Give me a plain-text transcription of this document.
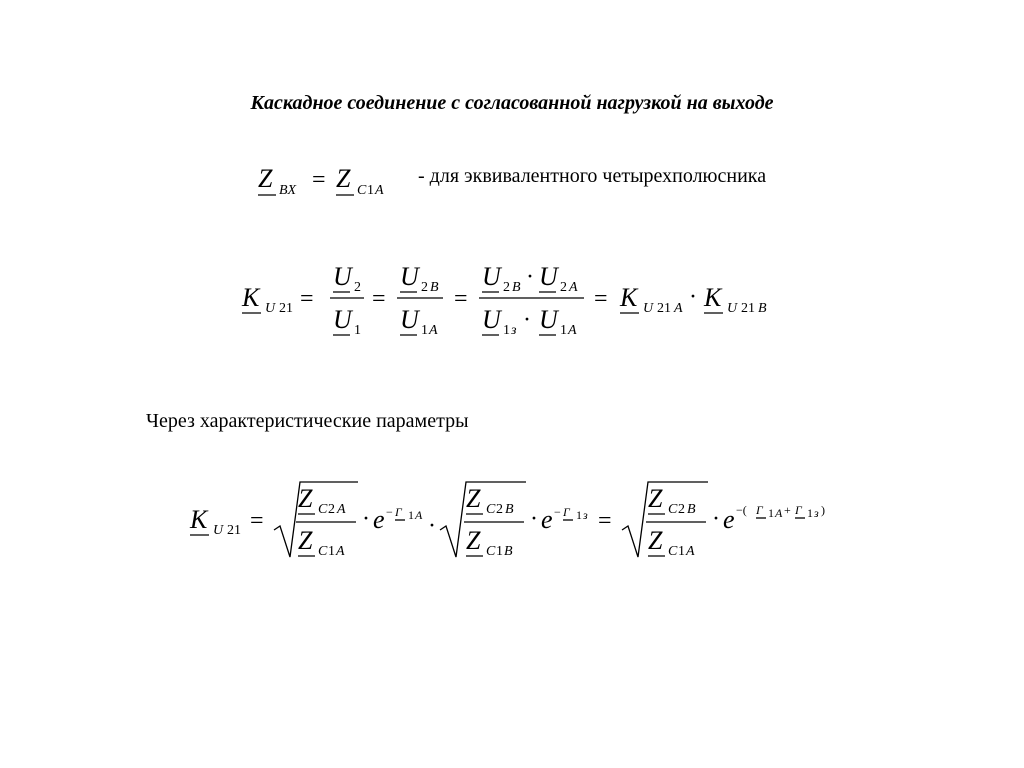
Каскадное соединение с согласованной нагрузкой на выходе
- для эквивалентного четырехполюсника
Через характеристические параметры
Z BX = Z C 1 A
K U 21 =
U 2
U 1
=
U 2 B
U 1 A
=
U 2 B · U 2 A
U 1 з · U 1 A
= K U 21 A · K U 21 B
K U 21 =
Z C 2 A
Z C 1 A
· e − Γ 1 A ·
Z C 2 B
Z C 1 B
· e − Γ 1 з =
Z C 2 B
Z C 1 A
· e −( Γ 1 A + Γ 1 з )
